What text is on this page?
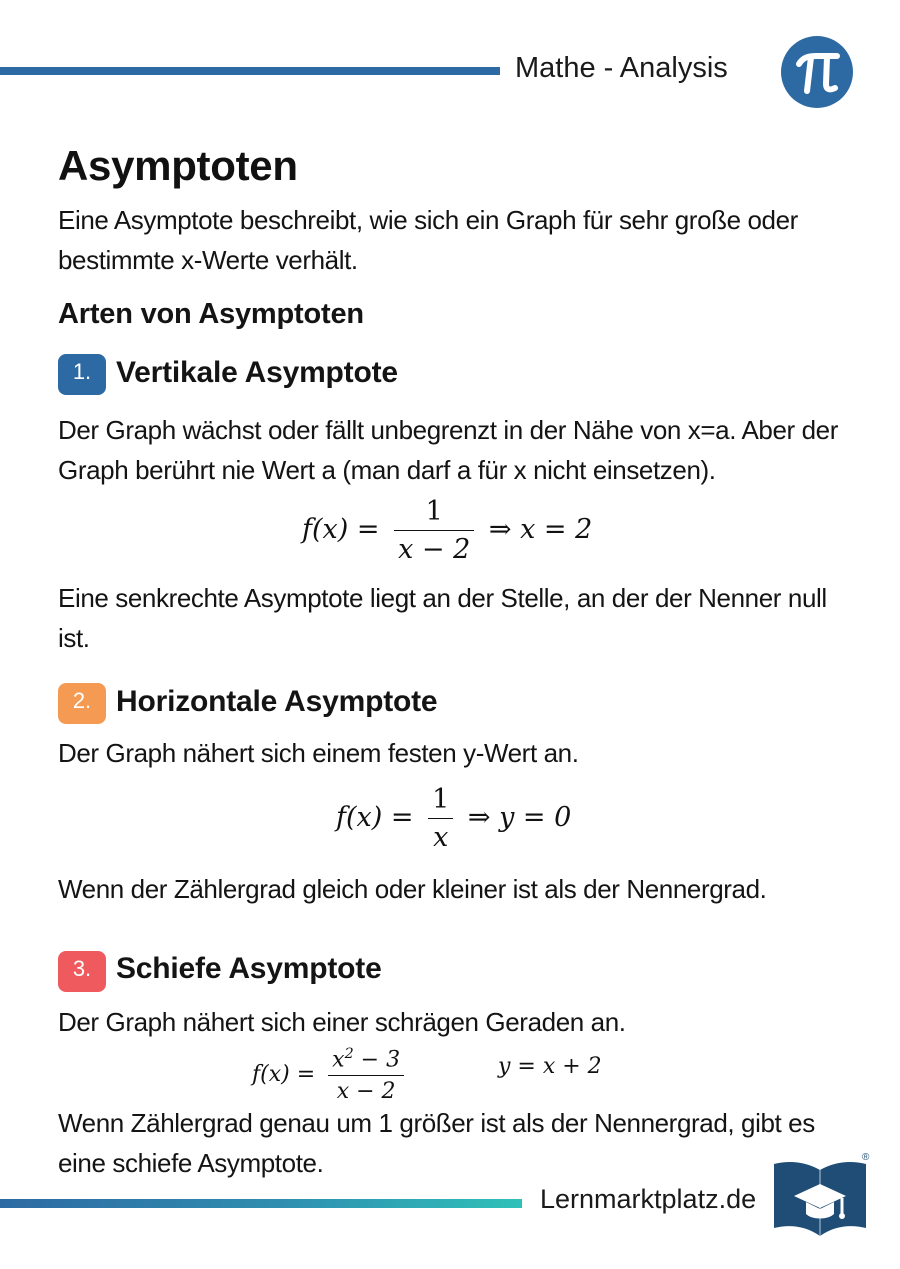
Mathe - Analysis
Asymptoten
Eine Asymptote beschreibt, wie sich ein Graph für sehr große oder bestimmte x-Werte verhält.
Arten von Asymptoten
1. Vertikale Asymptote
Der Graph wächst oder fällt unbegrenzt in der Nähe von x=a. Aber der Graph berührt nie Wert a (man darf a für x nicht einsetzen).
$f(x) = \frac{1}{x - 2}$ ⇒ x = 2
Eine senkrechte Asymptote liegt an der Stelle, an der der Nenner null ist.
2. Horizontale Asymptote
Der Graph nähert sich einem festen y-Wert an.
$f(x) = \frac{1}{x}$ ⇒ y = 0
Wenn der Zählergrad gleich oder kleiner ist als der Nennergrad.
3. Schiefe Asymptote
Der Graph nähert sich einer schrägen Geraden an.
$f(x) = \frac{x^2 - 3}{x - 2}$	y = x + 2
Wenn Zählergrad genau um 1 größer ist als der Nennergrad, gibt es eine schiefe Asymptote.
Lernmarktplatz.de
®
